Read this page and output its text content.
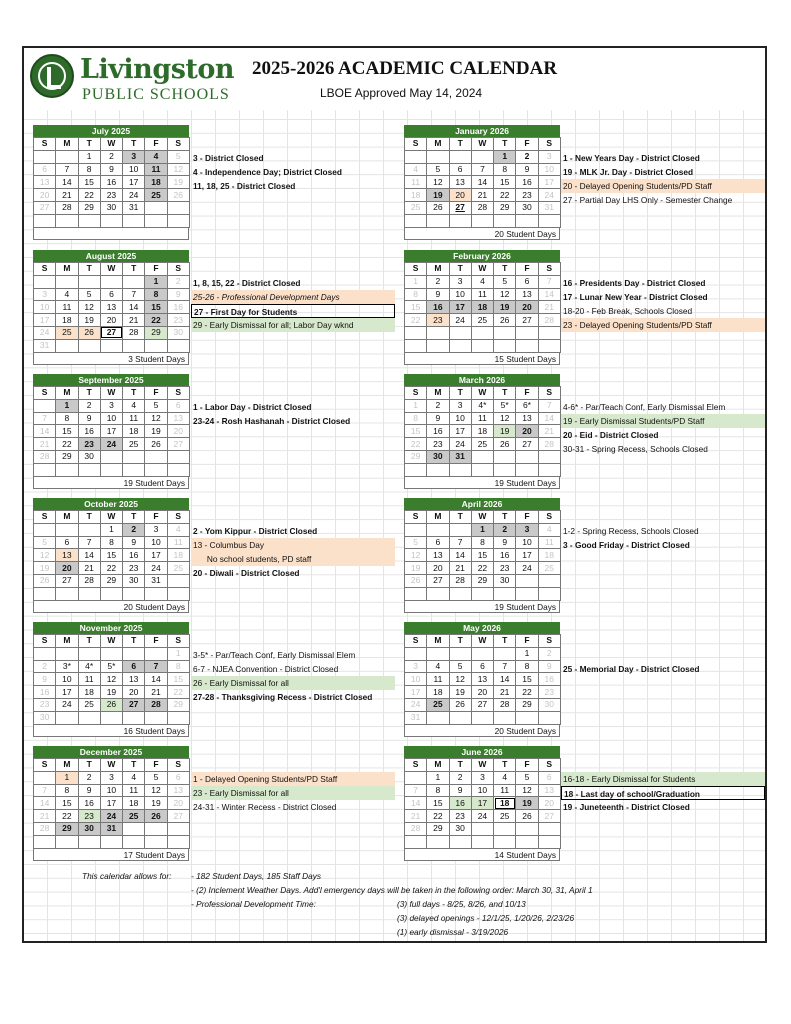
Livingston
PUBLIC SCHOOLS
2025-2026 ACADEMIC CALENDAR
LBOE Approved May 14, 2024
July 2025
S	M	T	W	T	F	S
		1	2	3	4	5
6	7	8	9	10	11	12
13	14	15	16	17	18	19
20	21	22	23	24	25	26
27	28	29	30	31		

3 - District Closed
4 - Independence Day; District Closed
11, 18, 25 - District Closed
January 2026
S	M	T	W	T	F	S
				1	2	3
4	5	6	7	8	9	10
11	12	13	14	15	16	17
18	19	20	21	22	23	24
25	26	27	28	29	30	31

20 Student Days
1 - New Years Day - District Closed
19 - MLK Jr. Day - District Closed
20 - Delayed Opening Students/PD Staff
27 - Partial Day LHS Only - Semester Change
August 2025
S	M	T	W	T	F	S
					1	2
3	4	5	6	7	8	9
10	11	12	13	14	15	16
17	18	19	20	21	22	23
24	25	26	27	28	29	30
31						
3 Student Days
1, 8, 15, 22 - District Closed
25-26 - Professional Development Days
27 - First Day for Students
29 - Early Dismissal for all; Labor Day wknd
February 2026
S	M	T	W	T	F	S
1	2	3	4	5	6	7
8	9	10	11	12	13	14
15	16	17	18	19	20	21
22	23	24	25	26	27	28

15 Student Days
16 - Presidents Day - District Closed
17 - Lunar New Year - District Closed
18-20 - Feb Break, Schools Closed
23 - Delayed Opening Students/PD Staff
September 2025
S	M	T	W	T	F	S
	1	2	3	4	5	6
7	8	9	10	11	12	13
14	15	16	17	18	19	20
21	22	23	24	25	26	27
28	29	30				

19 Student Days
1 - Labor Day - District Closed
23-24 - Rosh Hashanah - District Closed
March 2026
S	M	T	W	T	F	S
1	2	3	4*	5*	6*	7
8	9	10	11	12	13	14
15	16	17	18	19	20	21
22	23	24	25	26	27	28
29	30	31				

19 Student Days
4-6* - Par/Teach Conf, Early Dismissal Elem
19 - Early Dismissal Students/PD Staff
20 - Eid - District Closed
30-31 - Spring Recess, Schools Closed
October 2025
S	M	T	W	T	F	S
			1	2	3	4
5	6	7	8	9	10	11
12	13	14	15	16	17	18
19	20	21	22	23	24	25
26	27	28	29	30	31	

20 Student Days
2 - Yom Kippur - District Closed
13 - Columbus Day
No school students, PD staff
20 - Diwali - District Closed
April 2026
S	M	T	W	T	F	S
			1	2	3	4
5	6	7	8	9	10	11
12	13	14	15	16	17	18
19	20	21	22	23	24	25
26	27	28	29	30		

19 Student Days
1-2 - Spring Recess, Schools Closed
3 - Good Friday - District Closed
November 2025
S	M	T	W	T	F	S
						1
2	3*	4*	5*	6	7	8
9	10	11	12	13	14	15
16	17	18	19	20	21	22
23	24	25	26	27	28	29
30						
16 Student Days
3-5* - Par/Teach Conf, Early Dismissal Elem
6-7 - NJEA Convention - District Closed
26 - Early Dismissal for all
27-28 - Thanksgiving Recess - District Closed
May 2026
S	M	T	W	T	F	S
					1	2
3	4	5	6	7	8	9
10	11	12	13	14	15	16
17	18	19	20	21	22	23
24	25	26	27	28	29	30
31						
20 Student Days
25 - Memorial Day - District Closed
December 2025
S	M	T	W	T	F	S
	1	2	3	4	5	6
7	8	9	10	11	12	13
14	15	16	17	18	19	20
21	22	23	24	25	26	27
28	29	30	31			

17 Student Days
1 - Delayed Opening Students/PD Staff
23 - Early Dismissal for all
24-31 - Winter Recess - District Closed
June 2026
S	M	T	W	T	F	S
	1	2	3	4	5	6
7	8	9	10	11	12	13
14	15	16	17	18	19	20
21	22	23	24	25	26	27
28	29	30				

14 Student Days
16-18 - Early Dismissal for Students
18 - Last day of school/Graduation
19 - Juneteenth - District Closed
This calendar allows for: - 182 Student Days, 185 Staff Days
- (2) Inclement Weather Days. Add'l emergency days will be taken in the following order: March 30, 31, April 1
- Professional Development Time:	(3) full days - 8/25, 8/26, and 10/13
(3) delayed openings - 12/1/25, 1/20/26, 2/23/26
(1) early dismissal - 3/19/2026
